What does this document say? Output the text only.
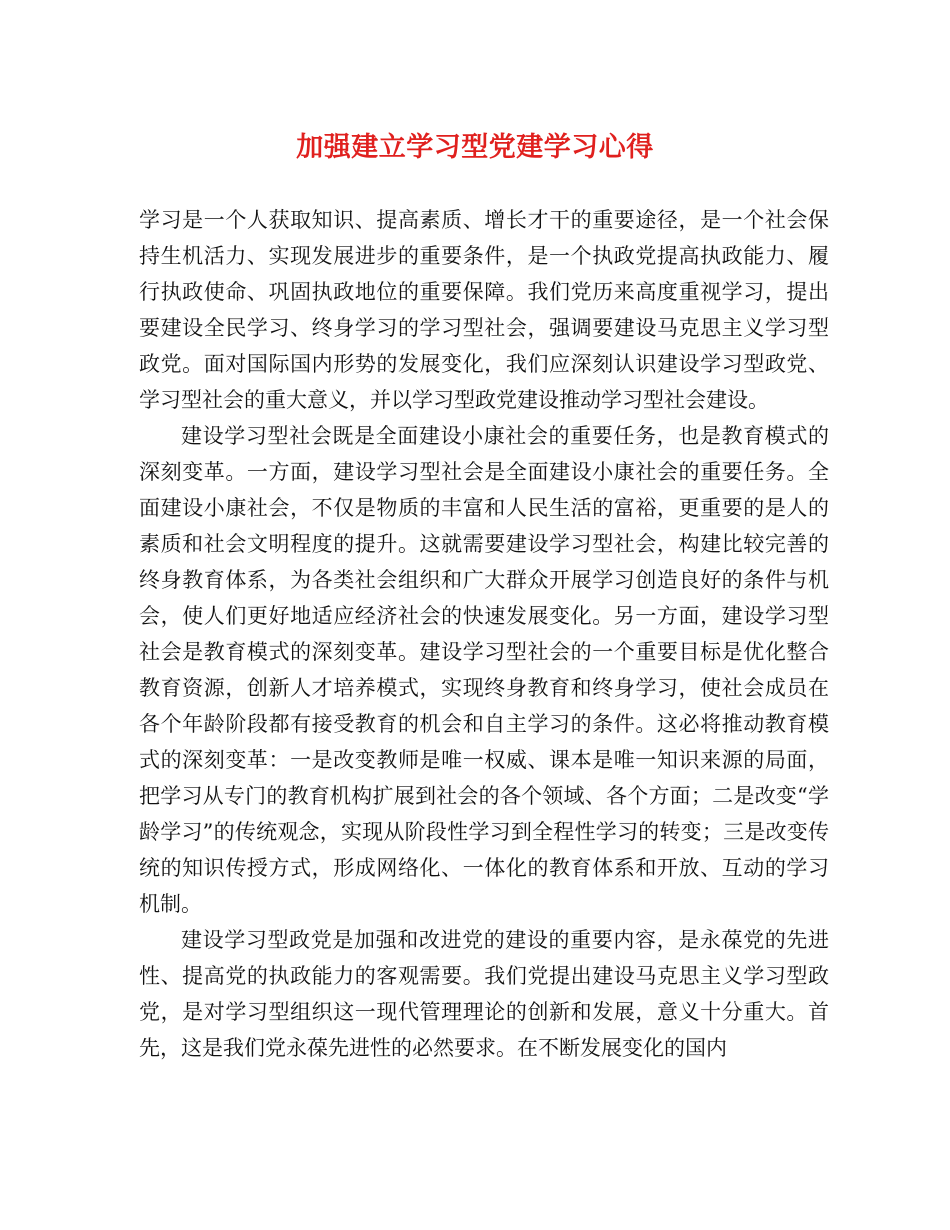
加强建立学习型党建学习心得

学习是一个人获取知识、提高素质、增长才干的重要途径，是一个社会保持生机活力、实现发展进步的重要条件，是一个执政党提高执政能力、履行执政使命、巩固执政地位的重要保障。我们党历来高度重视学习，提出要建设全民学习、终身学习的学习型社会，强调要建设马克思主义学习型政党。面对国际国内形势的发展变化，我们应深刻认识建设学习型政党、学习型社会的重大意义，并以学习型政党建设推动学习型社会建设。

建设学习型社会既是全面建设小康社会的重要任务，也是教育模式的深刻变革。一方面，建设学习型社会是全面建设小康社会的重要任务。全面建设小康社会，不仅是物质的丰富和人民生活的富裕，更重要的是人的素质和社会文明程度的提升。这就需要建设学习型社会，构建比较完善的终身教育体系，为各类社会组织和广大群众开展学习创造良好的条件与机会，使人们更好地适应经济社会的快速发展变化。另一方面，建设学习型社会是教育模式的深刻变革。建设学习型社会的一个重要目标是优化整合教育资源，创新人才培养模式，实现终身教育和终身学习，使社会成员在各个年龄阶段都有接受教育的机会和自主学习的条件。这必将推动教育模式的深刻变革：一是改变教师是唯一权威、课本是唯一知识来源的局面，把学习从专门的教育机构扩展到社会的各个领域、各个方面；二是改变“学龄学习”的传统观念，实现从阶段性学习到全程性学习的转变；三是改变传统的知识传授方式，形成网络化、一体化的教育体系和开放、互动的学习机制。

建设学习型政党是加强和改进党的建设的重要内容，是永葆党的先进性、提高党的执政能力的客观需要。我们党提出建设马克思主义学习型政党，是对学习型组织这一现代管理理论的创新和发展，意义十分重大。首先，这是我们党永葆先进性的必然要求。在不断发展变化的国内
